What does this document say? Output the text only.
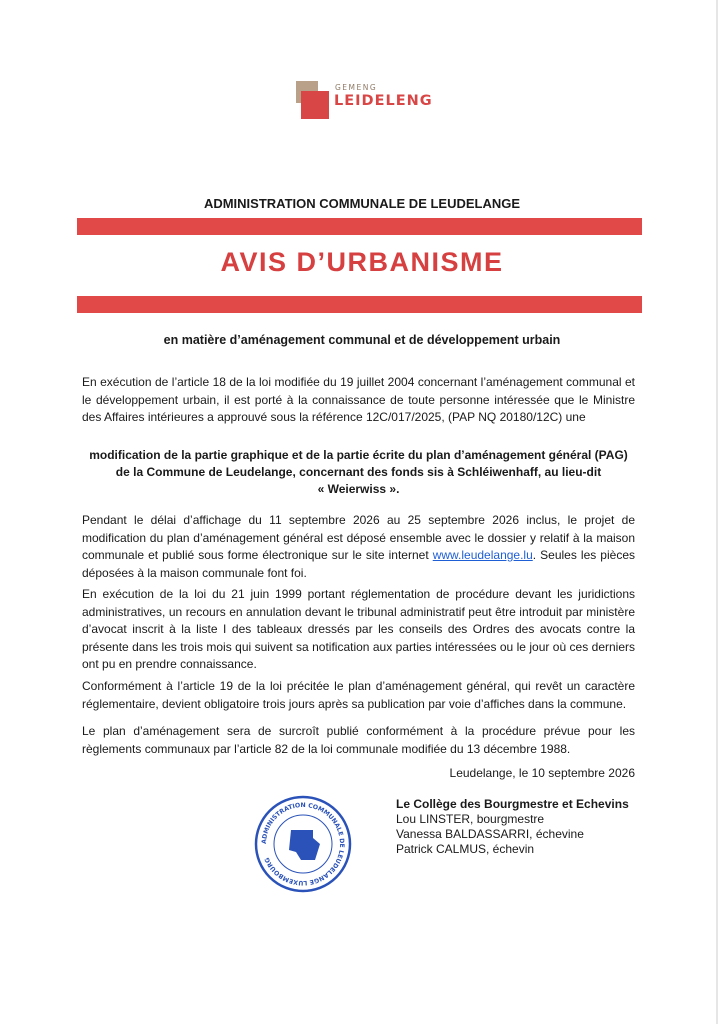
GEMENG
LEIDELENG
ADMINISTRATION COMMUNALE DE LEUDELANGE
AVIS D’URBANISME
en matière d’aménagement communal et de développement urbain
En exécution de l’article 18 de la loi modifiée du 19 juillet 2004 concernant l’aménagement communal et le développement urbain, il est porté à la connaissance de toute personne intéressée que le Ministre des Affaires intérieures a approuvé sous la référence 12C/017/2025, (PAP NQ 20180/12C) une
modification de la partie graphique et de la partie écrite du plan d’aménagement général (PAG)
de la Commune de Leudelange, concernant des fonds sis à Schléiwenhaff, au lieu-dit
« Weierwiss ».
Pendant le délai d’affichage du 11 septembre 2026 au 25 septembre 2026 inclus, le projet de modification du plan d’aménagement général est déposé ensemble avec le dossier y relatif à la maison communale et publié sous forme électronique sur le site internet www.leudelange.lu. Seules les pièces déposées à la maison communale font foi.
En exécution de la loi du 21 juin 1999 portant réglementation de procédure devant les juridictions administratives, un recours en annulation devant le tribunal administratif peut être introduit par ministère d’avocat inscrit à la liste I des tableaux dressés par les conseils des Ordres des avocats contre la présente dans les trois mois qui suivent sa notification aux parties intéressées ou le jour où ces derniers ont pu en prendre connaissance.
Conformément à l’article 19 de la loi précitée le plan d’aménagement général, qui revêt un caractère réglementaire, devient obligatoire trois jours après sa publication par voie d’affiches dans la commune.
Le plan d’aménagement sera de surcroît publié conformément à la procédure prévue pour les règlements communaux par l’article 82 de la loi communale modifiée du 13 décembre 1988.
Leudelange, le 10 septembre 2026
Le Collège des Bourgmestre et Echevins
Lou LINSTER, bourgmestre
Vanessa BALDASSARRI, échevine
Patrick CALMUS, échevin
ADMINISTRATION COMMUNALE DE LEUDELANGE LUXEMBOURG
